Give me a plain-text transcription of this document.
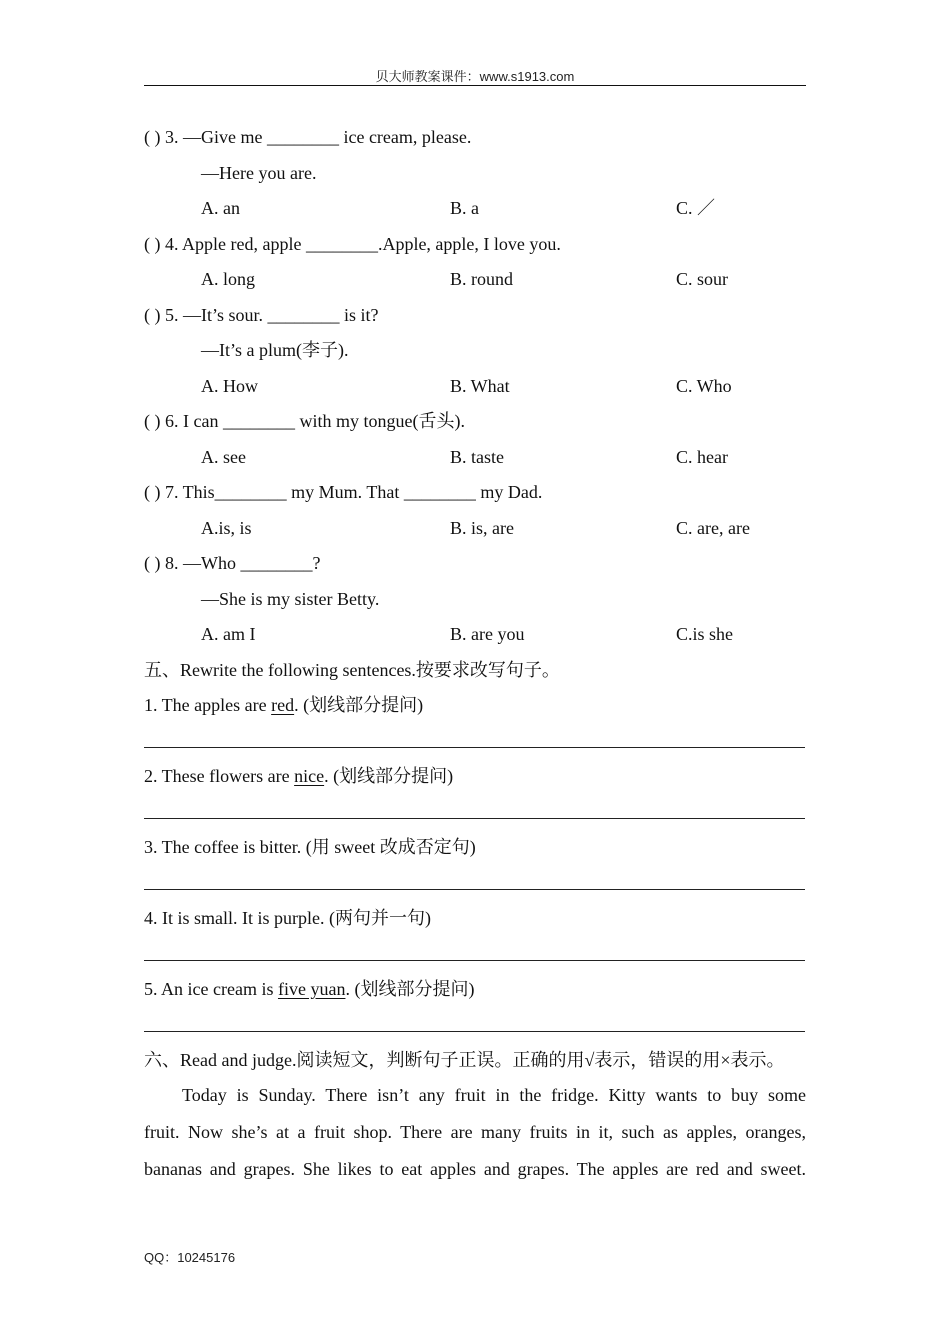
贝大师教案课件：www.s1913.com
( ) 3. —Give me ________ ice cream, please.
—Here you are.
A. an	B. a	C. ／
( ) 4. Apple red, apple ________.Apple, apple, I love you.
A. long	B. round	C. sour
( ) 5. —It’s sour. ________ is it?
—It’s a plum(李子).
A. How	B. What	C. Who
( ) 6. I can ________ with my tongue(舌头).
A. see	B. taste	C. hear
( ) 7. This________ my Mum. That ________ my Dad.
A.is, is	B. is, are	C. are, are
( ) 8. —Who ________?
—She is my sister Betty.
A. am I	B. are you	C.is she
五、Rewrite the following sentences.按要求改写句子。
1. The apples are red. (划线部分提问)
2. These flowers are nice. (划线部分提问)
3. The coffee is bitter. (用 sweet 改成否定句)
4. It is small. It is purple. (两句并一句)
5. An ice cream is five yuan. (划线部分提问)
六、Read and judge.阅读短文，判断句子正误。正确的用√表示，错误的用×表示。
Today is Sunday. There isn’t any fruit in the fridge. Kitty wants to buy some
fruit. Now she’s at a fruit shop. There are many fruits in it, such as apples, oranges,
bananas and grapes. She likes to eat apples and grapes. The apples are red and sweet.
QQ：10245176
